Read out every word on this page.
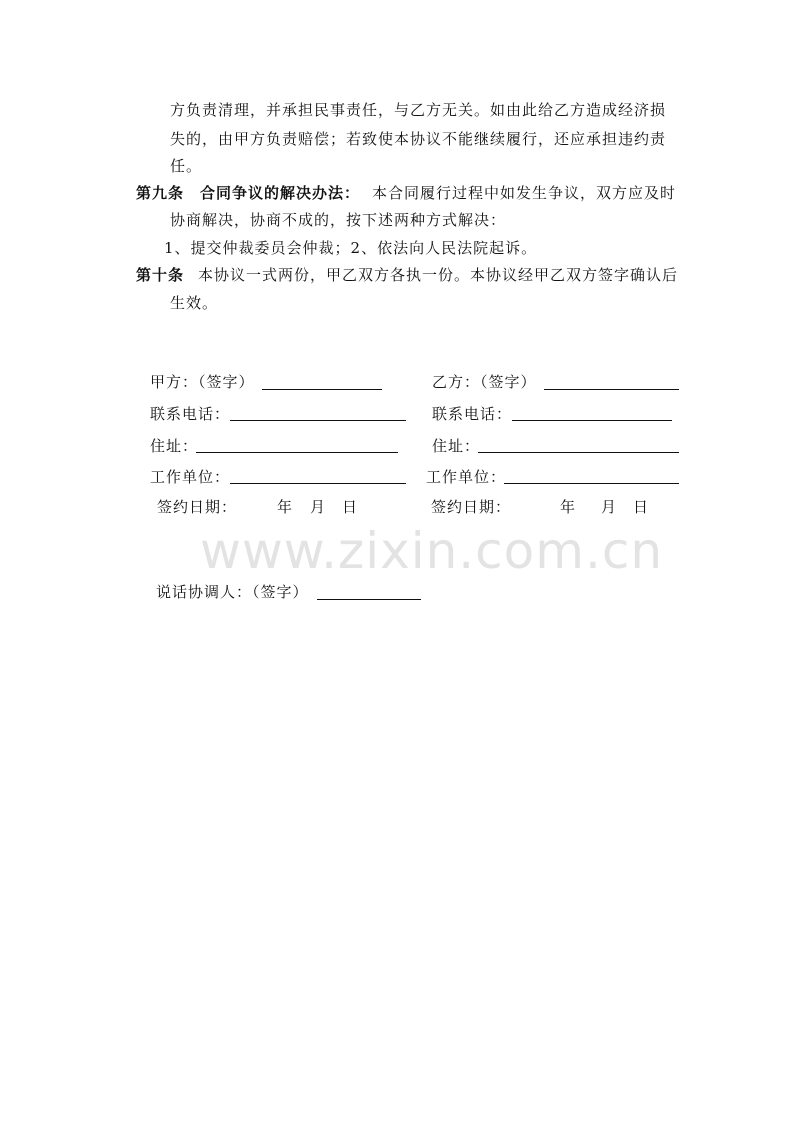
方负责清理，并承担民事责任，与乙方无关。如由此给乙方造成经济损
失的，由甲方负责赔偿；若致使本协议不能继续履行，还应承担违约责
任。
第九条　合同争议的解决办法： 本合同履行过程中如发生争议，双方应及时
协商解决，协商不成的，按下述两种方式解决：
1、提交仲裁委员会仲裁；2、依法向人民法院起诉。
第十条 本协议一式两份，甲乙双方各执一份。本协议经甲乙双方签字确认后
生效。
甲方：（签字）
联系电话：
住址：
工作单位：
签约日期：	年 月 日
乙方：（签字）
联系电话：
住址：
工作单位：
签约日期：	年 月 日
www.zixin.com.cn
说话协调人：（签字）
